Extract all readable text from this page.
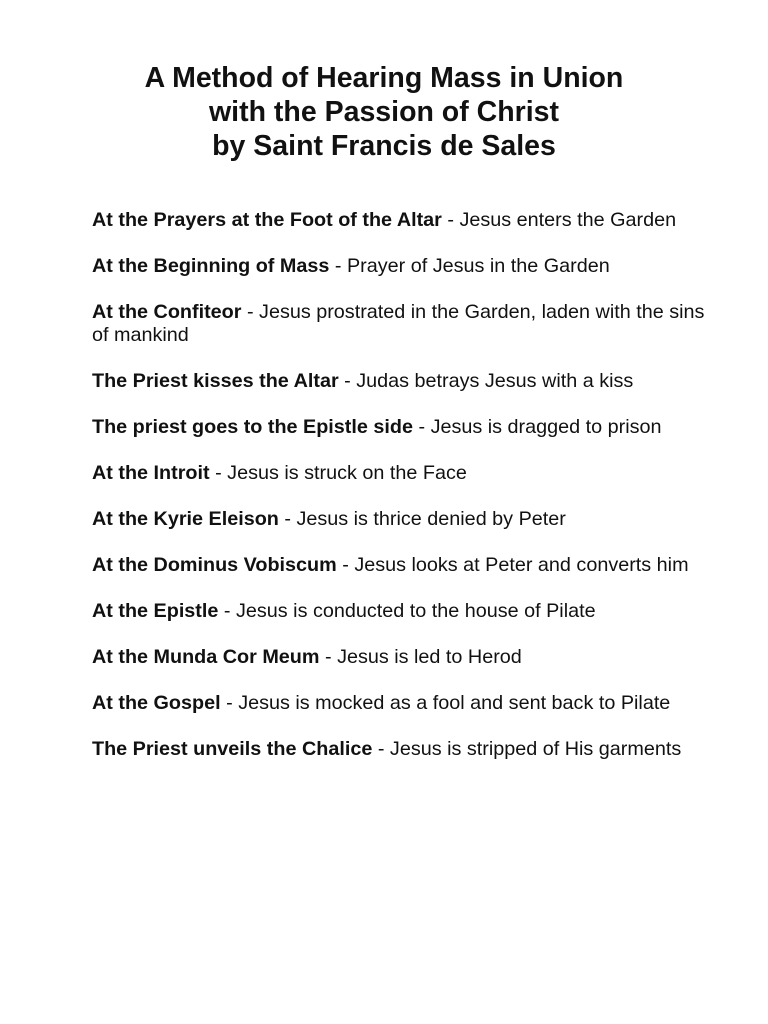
A Method of Hearing Mass in Union
with the Passion of Christ
by Saint Francis de Sales
At the Prayers at the Foot of the Altar - Jesus enters the Garden
At the Beginning of Mass - Prayer of Jesus in the Garden
At the Confiteor - Jesus prostrated in the Garden, laden with the sins of mankind
The Priest kisses the Altar - Judas betrays Jesus with a kiss
The priest goes to the Epistle side - Jesus is dragged to prison
At the Introit - Jesus is struck on the Face
At the Kyrie Eleison - Jesus is thrice denied by Peter
At the Dominus Vobiscum - Jesus looks at Peter and converts him
At the Epistle - Jesus is conducted to the house of Pilate
At the Munda Cor Meum - Jesus is led to Herod
At the Gospel - Jesus is mocked as a fool and sent back to Pilate
The Priest unveils the Chalice - Jesus is stripped of His garments
